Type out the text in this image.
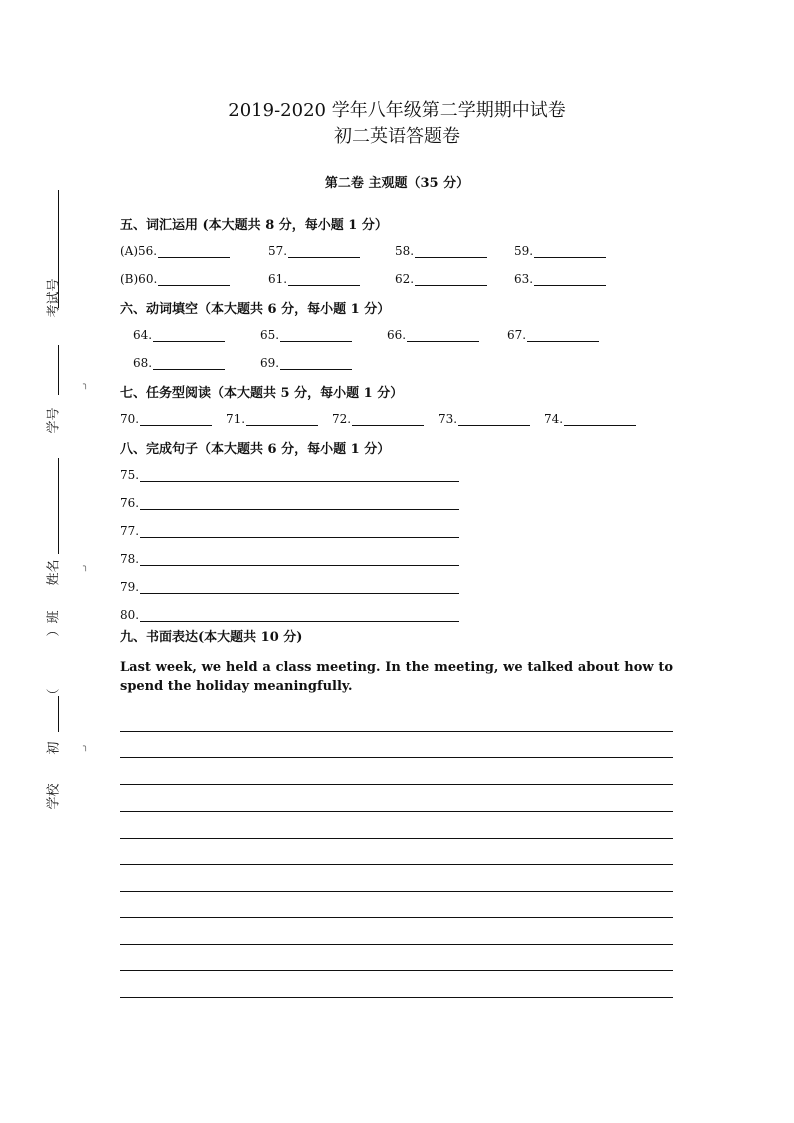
考试号
学号
姓名
）班
（
初
学校
╮
╮
╮
2019-2020 学年八年级第二学期期中试卷
初二英语答题卷
第二卷 主观题（35 分）
五、词汇运用 (本大题共 8 分，每小题 1 分）
(A)56.	57.	58.	59.
(B)60.	61.	62.	63.
六、动词填空（本大题共 6 分，每小题 1 分）
64.	65.	66.	67.
68.	69.
七、任务型阅读（本大题共 5 分，每小题 1 分）
70.	71.	72.	73.	74.
八、完成句子（本大题共 6 分，每小题 1 分）
75.
76.
77.
78.
79.
80.
九、书面表达(本大题共 10 分)
Last week, we held a class meeting. In the meeting, we talked about how to spend the holiday meaningfully.
